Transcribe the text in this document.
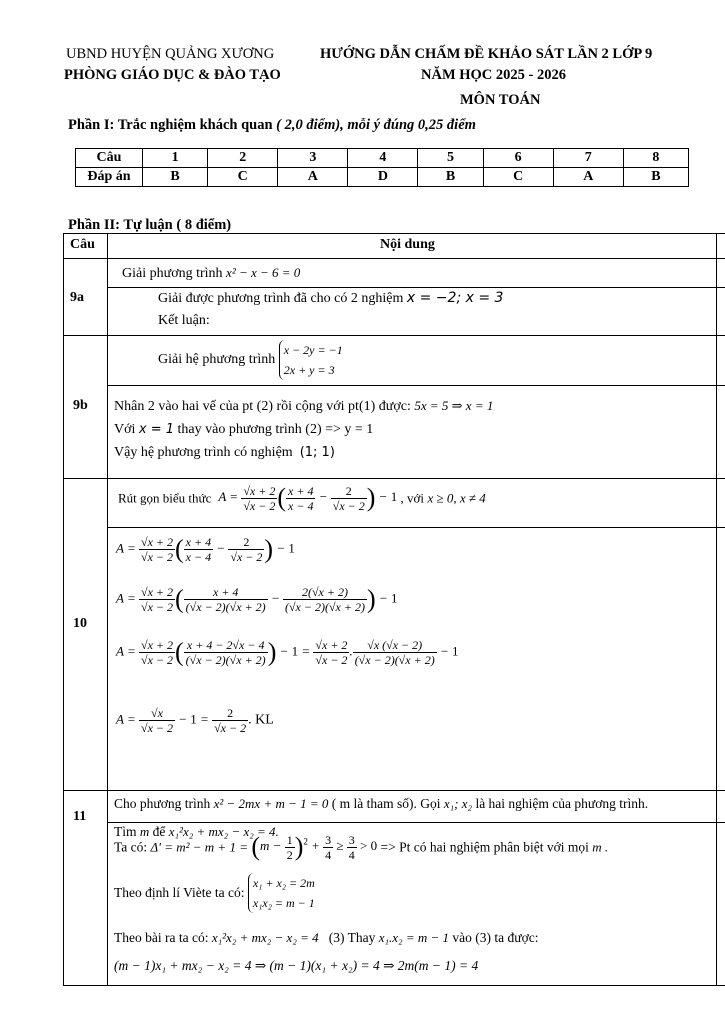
UBND HUYỆN QUẢNG XƯƠNG
PHÒNG GIÁO DỤC & ĐÀO TẠO
HƯỚNG DẪN CHẤM ĐỀ KHẢO SÁT LẦN 2 LỚP 9
NĂM HỌC 2025 - 2026
MÔN TOÁN
Phần I: Trắc nghiệm khách quan ( 2,0 điểm), mỗi ý đúng 0,25 điểm
Câu	1	2	3	4	5	6	7	8
Đáp án	B	C	A	D	B	C	A	B
Phần II: Tự luận ( 8 điểm)
Câu	Nội dung
9a
Giải phương trình x² − x − 6 = 0
Giải được phương trình đã cho có 2 nghiệm x = −2; x = 3
Kết luận:
9b
Giải hệ phương trình
x − 2y = −1
2x + y = 3
Nhân 2 vào hai vế của pt (2) rồi cộng với pt(1) được: 5x = 5 ⇒ x = 1
Với x = 1 thay vào phương trình (2) => y = 1
Vậy hệ phương trình có nghiệm (1; 1)
10
Rút gọn biểu thức $A = \frac{√x + 2}{√x - 2}$ ( $\frac{x + 4}{x - 4} - \frac{2}{√x - 2}$ ) − 1 , với x ≥ 0, x ≠ 4
$A = \frac{√x + 2}{√x - 2}$ ( $\frac{x + 4}{x - 4} - \frac{2}{√x - 2}$ ) − 1
$A = \frac{√x + 2}{√x - 2}$ ( $\frac{x + 4}{(√x - 2)(√x + 2)} - \frac{2(√x + 2)}{(√x - 2)(√x + 2)}$ ) − 1
$A = \frac{√x + 2}{√x - 2}$ ( $\frac{x + 4 - 2√x - 4}{(√x - 2)(√x + 2)}$ ) − $1 = \frac{√x + 2}{√x - 2}$ . $\frac{√x (√x - 2)}{(√x - 2)(√x + 2)} - 1$
$A = \frac{√x}{√x - 2} - 1 = \frac{2}{√x - 2}$ . KL
11
Cho phương trình x² − 2mx + m − 1 = 0 ( m là tham số). Gọi x₁; x₂ là hai nghiệm của phương trình.
Tìm m để x₁²x₂ + mx₂ − x₂ = 4.
Ta có: $\Delta' = m^2 - m + 1 = (m - \frac{1}{2} )^2 + \frac{3}{4} \ge \frac{3}{4} > 0 => Pt$ có hai nghiệm phân biệt với mọi m .
Theo định lí Viète ta có:
x₁ + x₂ = 2m
x₁x₂ = m − 1
Theo bài ra ta có: x₁²x₂ + mx₂ − x₂ = 4 (3) Thay x₁.x₂ = m − 1 vào (3) ta được:
(m − 1)x₁ + mx₂ − x₂ = 4 ⇒ (m − 1)(x₁ + x₂) = 4 ⇒ 2m(m − 1) = 4
